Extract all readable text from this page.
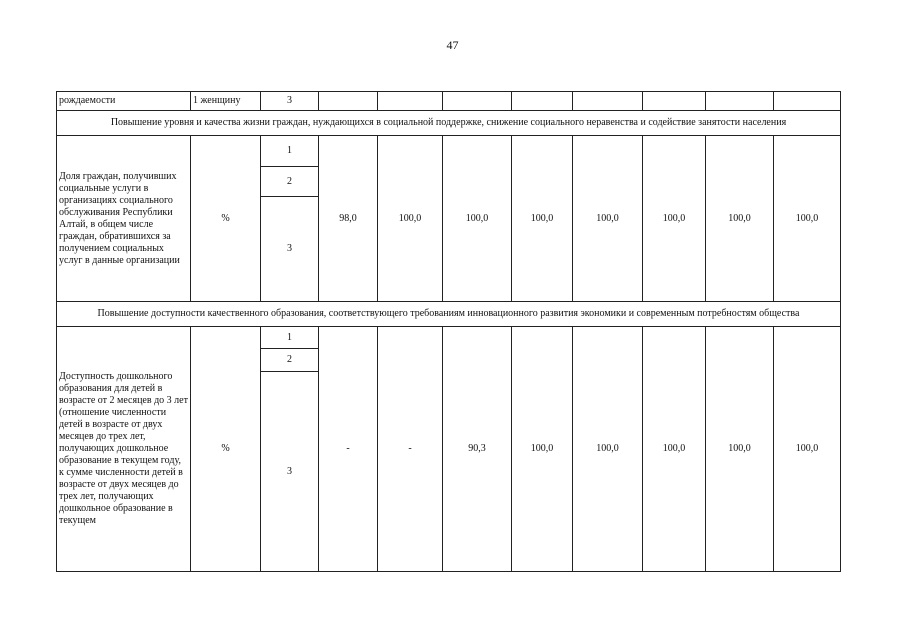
47
рождаемости	1 женщину	3								
Повышение уровня и качества жизни граждан, нуждающихся в социальной поддержке, снижение социального неравенства и содействие занятости населения										
Доля граждан, получивших социальные услуги в организациях социального обслуживания Республики Алтай, в общем числе граждан, обратившихся за получением социальных услуг в данные организации	%	1	98,0	100,0	100,0	100,0	100,0	100,0	100,0	100,0
		2								
		3								
Повышение доступности качественного образования, соответствующего требованиям инновационного развития экономики и современным потребностям общества										
Доступность дошкольного образования для детей в возрасте от 2 месяцев до 3 лет (отношение численности детей в возрасте от двух месяцев до трех лет, получающих дошкольное образование в текущем году, к сумме численности детей в возрасте от двух месяцев до трех лет, получающих дошкольное образование в текущем	%	1	-	-	90,3	100,0	100,0	100,0	100,0	100,0
		2								
		3								
